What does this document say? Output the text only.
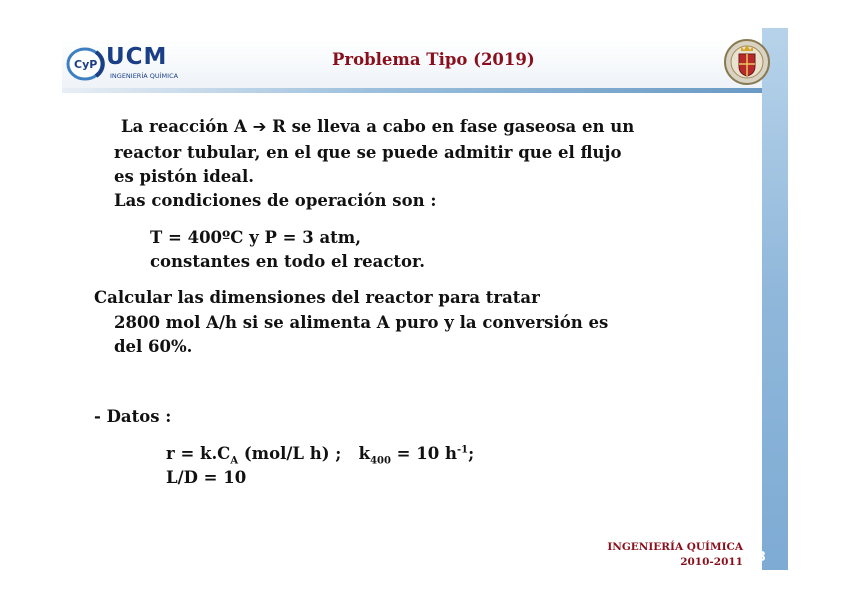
CyP UCM
INGENIERÍA QUÍMICA
Problema Tipo (2019)
La reacción A ➔ R se lleva a cabo en fase gaseosa en un
reactor tubular, en el que se puede admitir que el flujo
es pistón ideal.
Las condiciones de operación son :
T = 400ºC y P = 3 atm,
constantes en todo el reactor.
Calcular las dimensiones del reactor para tratar
2800 mol A/h si se alimenta A puro y la conversión es
del 60%.
- Datos :
$r = k.C_A$ (mol/L h) ;   $k_{400} = 10$ $h^{-1}$;
L/D = 10
INGENIERÍA QUÍMICA
2010-2011 23
